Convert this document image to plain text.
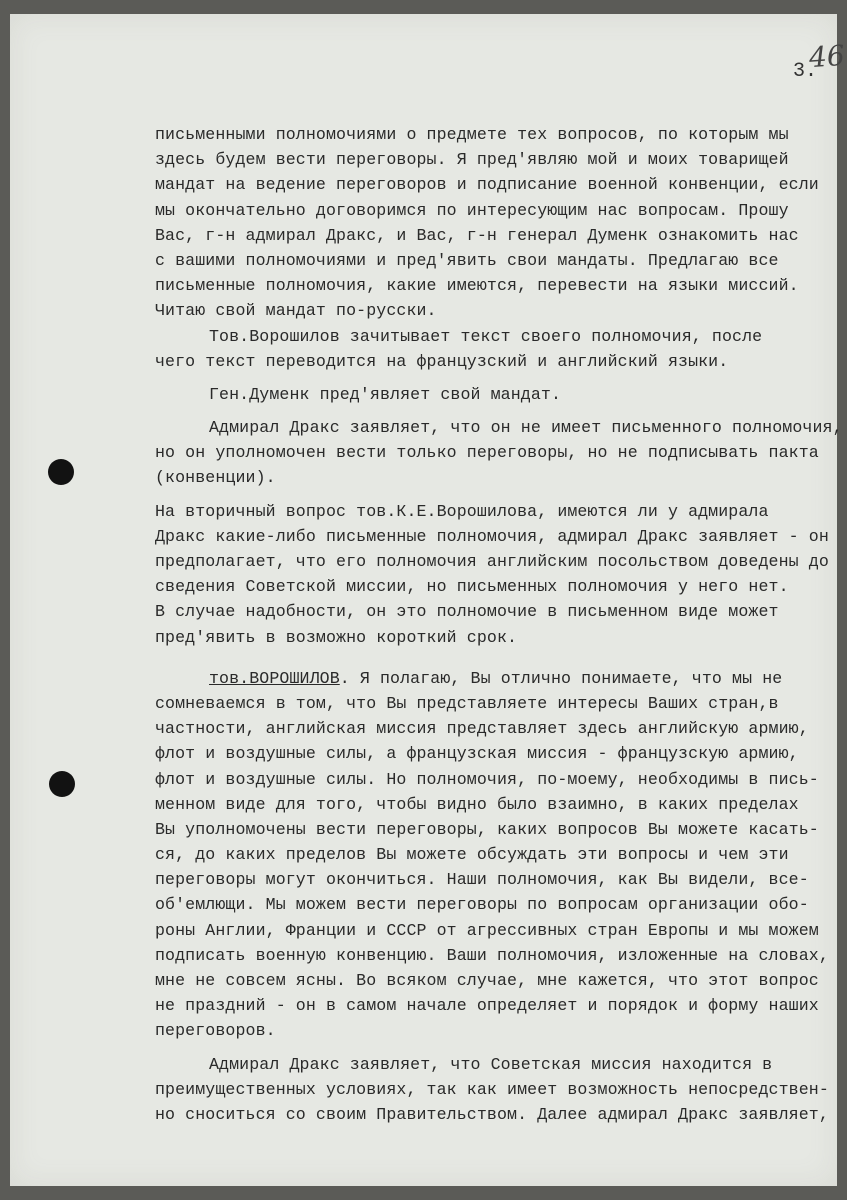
3.
46
письменными полномочиями о предмете тех вопросов, по которым мы
здесь будем вести переговоры. Я пред'являю мой и моих товарищей
мандат на ведение переговоров и подписание военной конвенции, если
мы окончательно договоримся по интересующим нас вопросам. Прошу
Вас, г-н адмирал Дракс, и Вас, г-н генерал Думенк ознакомить нас
с вашими полномочиями и пред'явить свои мандаты. Предлагаю все
письменные полномочия, какие имеются, перевести на языки миссий.
Читаю свой мандат по-русски.
Тов.Ворошилов зачитывает текст своего полномочия, после
чего текст переводится на французский и английский языки.
Ген.Думенк пред'являет свой мандат.
Адмирал Дракс заявляет, что он не имеет письменного полномочия,
но он уполномочен вести только переговоры, но не подписывать пакта
(конвенции).
На вторичный вопрос тов.К.Е.Ворошилова, имеются ли у адмирала
Дракс какие-либо письменные полномочия, адмирал Дракс заявляет - он
предполагает, что его полномочия английским посольством доведены до
сведения Советской миссии, но письменных полномочия у него нет.
В случае надобности, он это полномочие в письменном виде может
пред'явить в возможно короткий срок.
тов.ВОРОШИЛОВ. Я полагаю, Вы отлично понимаете, что мы не
сомневаемся в том, что Вы представляете интересы Ваших стран,в
частности, английская миссия представляет здесь английскую армию,
флот и воздушные силы, а французская миссия - французскую армию,
флот и воздушные силы. Но полномочия, по-моему, необходимы в пись-
менном виде для того, чтобы видно было взаимно, в каких пределах
Вы уполномочены вести переговоры, каких вопросов Вы можете касать-
ся, до каких пределов Вы можете обсуждать эти вопросы и чем эти
переговоры могут окончиться. Наши полномочия, как Вы видели, все-
об'емлющи. Мы можем вести переговоры по вопросам организации обо-
роны Англии, Франции и СССР от агрессивных стран Европы и мы можем
подписать военную конвенцию. Ваши полномочия, изложенные на словах,
мне не совсем ясны. Во всяком случае, мне кажется, что этот вопрос
не праздний - он в самом начале определяет и порядок и форму наших
переговоров.
Адмирал Дракс заявляет, что Советская миссия находится в
преимущественных условиях, так как имеет возможность непосредствен-
но сноситься со своим Правительством. Далее адмирал Дракс заявляет,
